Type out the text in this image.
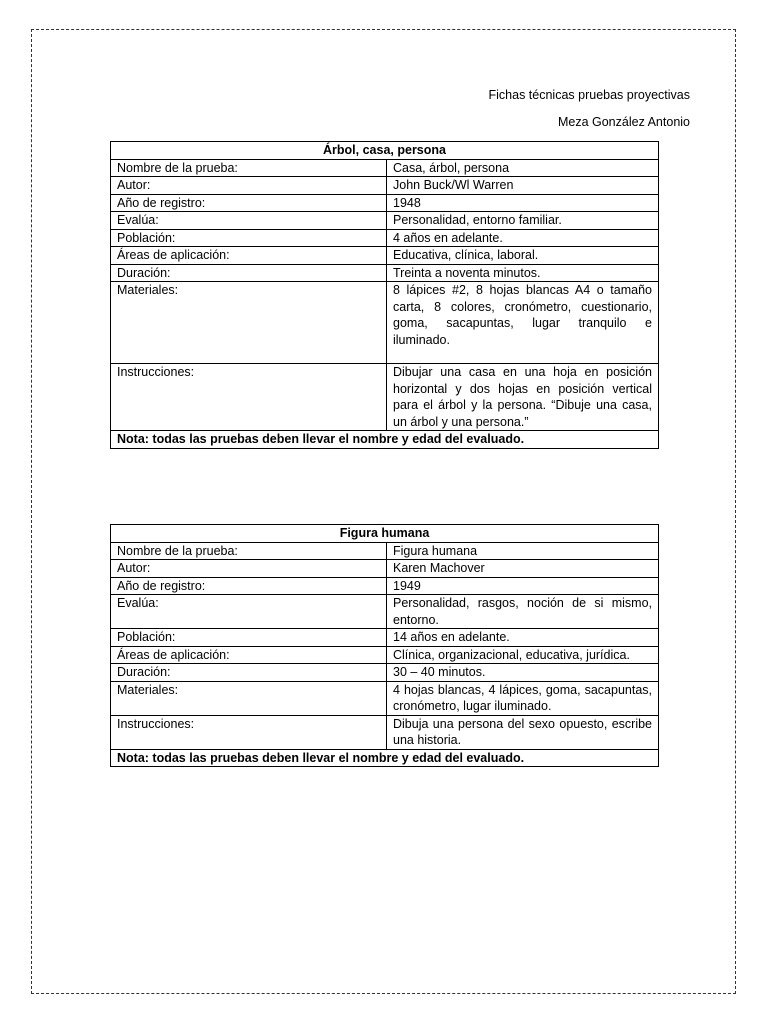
Fichas técnicas pruebas proyectivas
Meza González Antonio
Árbol, casa, persona	
Nombre de la prueba:	Casa, árbol, persona
Autor:	John Buck/Wl Warren
Año de registro:	1948
Evalúa:	Personalidad, entorno familiar.
Población:	4 años en adelante.
Áreas de aplicación:	Educativa, clínica, laboral.
Duración:	Treinta a noventa minutos.
Materiales:	8 lápices #2, 8 hojas blancas A4 o tamaño carta, 8 colores, cronómetro, cuestionario, goma, sacapuntas, lugar tranquilo e iluminado.
Instrucciones:	Dibujar una casa en una hoja en posición horizontal y dos hojas en posición vertical para el árbol y la persona. “Dibuje una casa, un árbol y una persona.”
Nota: todas las pruebas deben llevar el nombre y edad del evaluado.	
Figura humana	
Nombre de la prueba:	Figura humana
Autor:	Karen Machover
Año de registro:	1949
Evalúa:	Personalidad, rasgos, noción de si mismo, entorno.
Población:	14 años en adelante.
Áreas de aplicación:	Clínica, organizacional, educativa, jurídica.
Duración:	30 – 40 minutos.
Materiales:	4 hojas blancas, 4 lápices, goma, sacapuntas, cronómetro, lugar iluminado.
Instrucciones:	Dibuja una persona del sexo opuesto, escribe una historia.
Nota: todas las pruebas deben llevar el nombre y edad del evaluado.	
